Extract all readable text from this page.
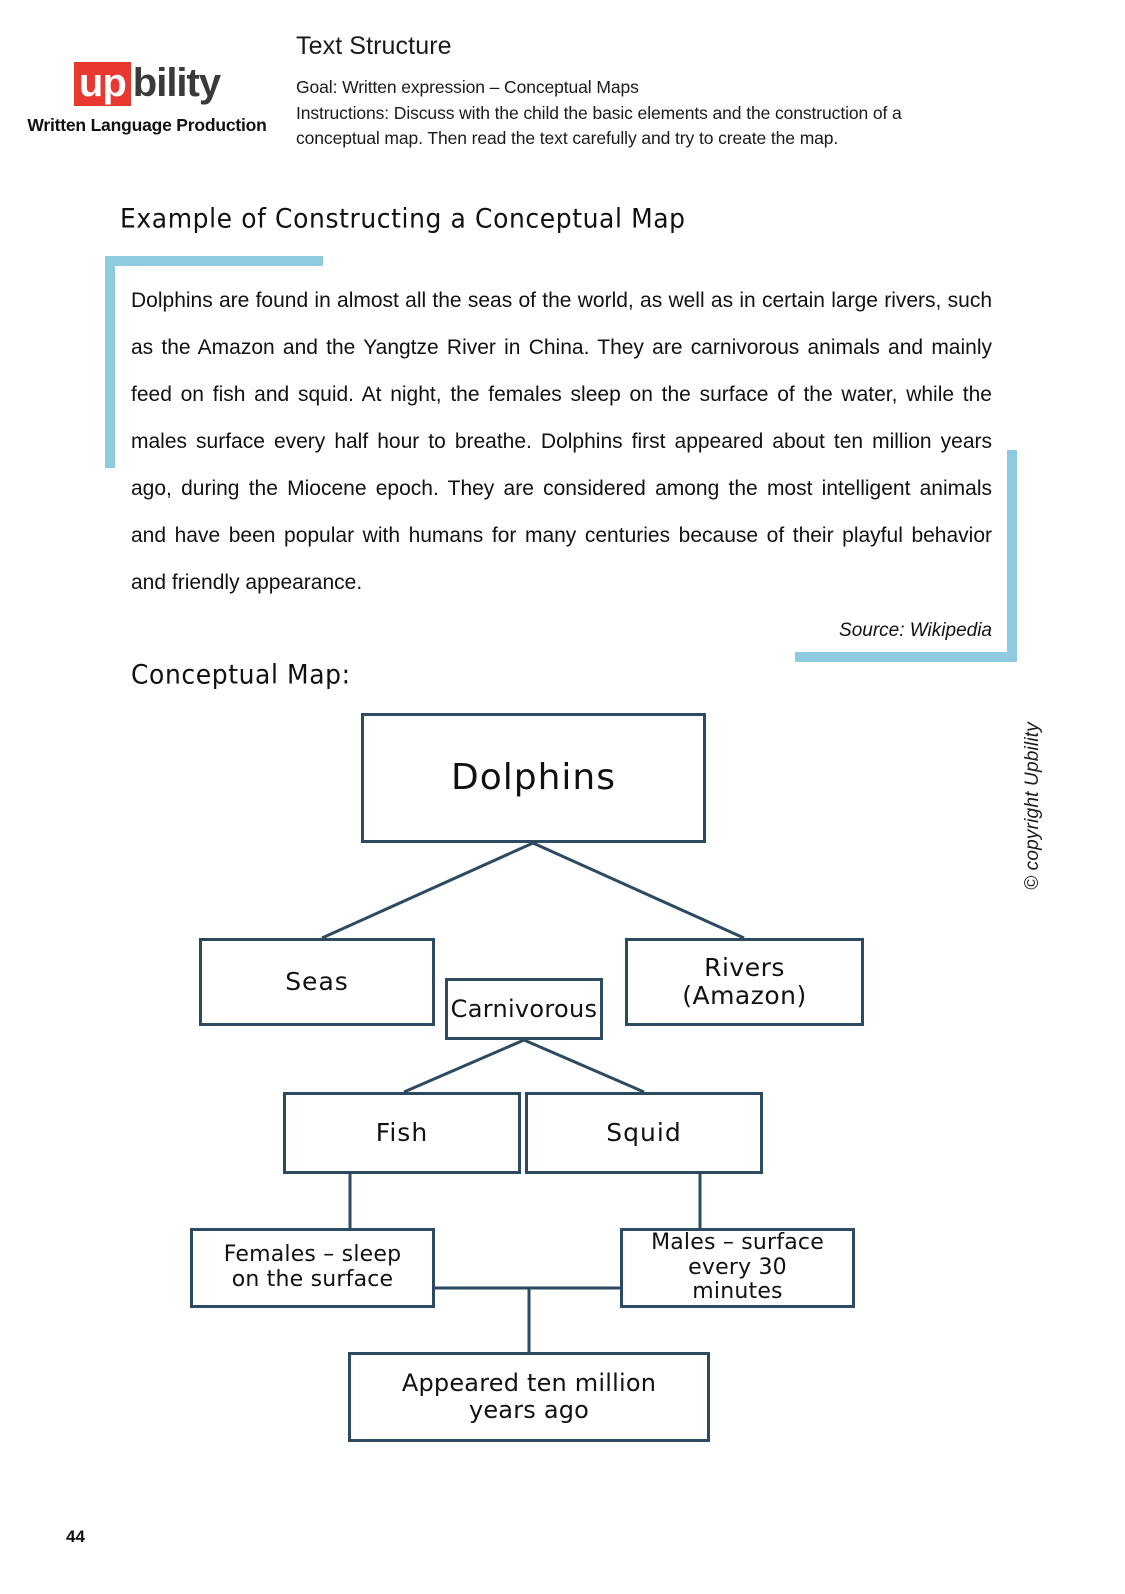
up bility
Written Language Production
Text Structure
Goal: Written expression – Conceptual Maps
Instructions: Discuss with the child the basic elements and the construction of a
conceptual map. Then read the text carefully and try to create the map.
Example of Constructing a Conceptual Map
Dolphins are found in almost all the seas of the world, as well as in certain large rivers, such as the Amazon and the Yangtze River in China. They are carnivorous animals and mainly feed on fish and squid. At night, the females sleep on the surface of the water, while the males surface every half hour to breathe. Dolphins first appeared about ten million years ago, during the Miocene epoch. They are considered among the most intelligent animals and have been popular with humans for many centuries because of their playful behavior and friendly appearance.
Source: Wikipedia
Conceptual Map:
Dolphins
Seas	Rivers
(Amazon)
Carnivorous
Fish	Squid
Females – sleep
on the surface
Males – surface
every 30
minutes
Appeared ten million
years ago
© copyright Upbility
44
